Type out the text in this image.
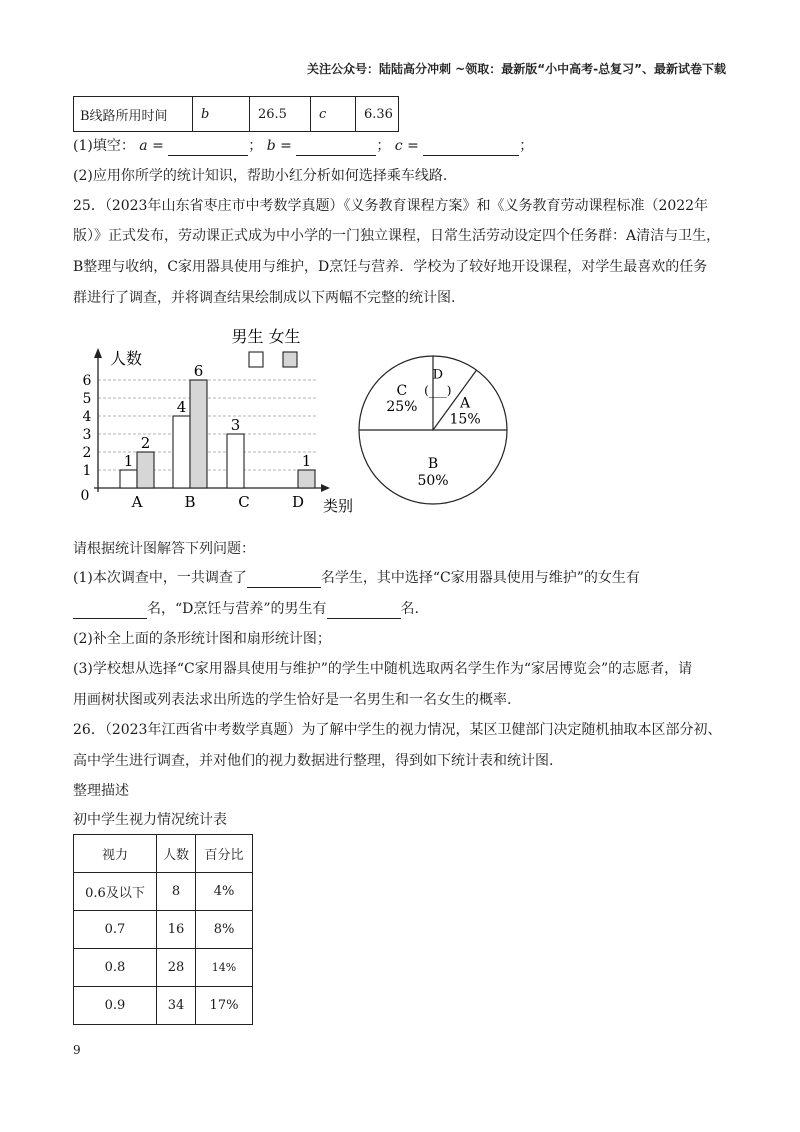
关注公众号：陆陆高分冲刺 ~领取：最新版“小中高考-总复习”、最新试卷下载
B线路所用时间	b	26.5	c	6.36
(1)填空： a =	； b =	； c =	；
(2)应用你所学的统计知识，帮助小红分析如何选择乘车线路.
25．（2023年山东省枣庄市中考数学真题）《义务教育课程方案》和《义务教育劳动课程标准（2022年
版）》正式发布，劳动课正式成为中小学的一门独立课程，日常生活劳动设定四个任务群：A清洁与卫生，
B整理与收纳，C家用器具使用与维护，D烹饪与营养．学校为了较好地开设课程，对学生最喜欢的任务
群进行了调查，并将调查结果绘制成以下两幅不完整的统计图.
0
1
2
3
4
5
6
人数
类别
A
1
2
B
4
6
C
3
D
1
男生 女生
A
15%
B
50%
C
25%
D
(___)
请根据统计图解答下列问题：
(1)本次调查中，一共调查了	名学生，其中选择“C家用器具使用与维护”的女生有
名，“D烹饪与营养”的男生有	名.
(2)补全上面的条形统计图和扇形统计图；
(3)学校想从选择“C家用器具使用与维护”的学生中随机选取两名学生作为“家居博览会”的志愿者，请
用画树状图或列表法求出所选的学生恰好是一名男生和一名女生的概率.
26．（2023年江西省中考数学真题）为了解中学生的视力情况，某区卫健部门决定随机抽取本区部分初、
高中学生进行调查，并对他们的视力数据进行整理，得到如下统计表和统计图.
整理描述
初中学生视力情况统计表
视力	人数	百分比
0.6及以下	8	4%
0.7	16	8%
0.8	28	14%
0.9	34	17%
9
